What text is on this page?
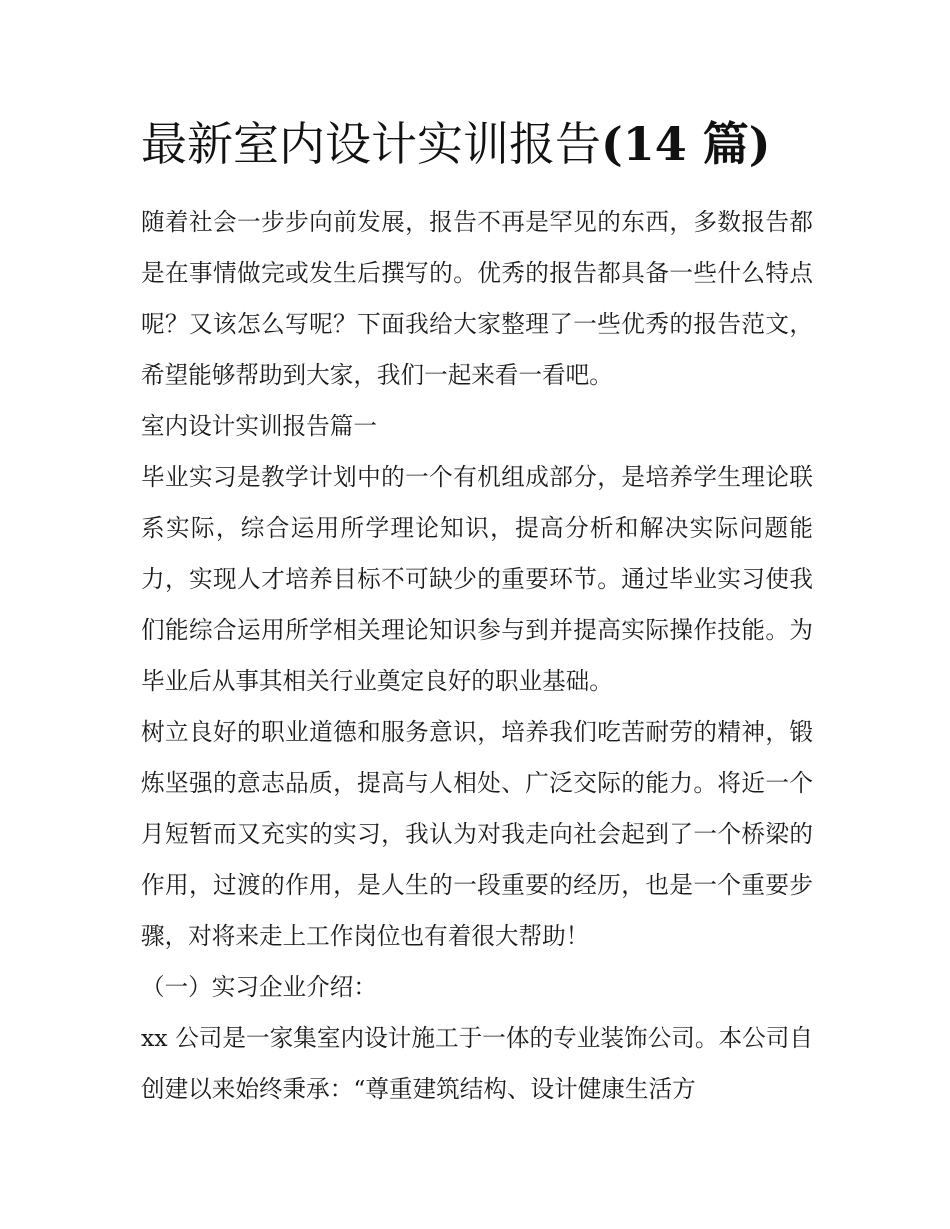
最新室内设计实训报告(14 篇)

随着社会一步步向前发展，报告不再是罕见的东西，多数报告都是在事情做完或发生后撰写的。优秀的报告都具备一些什么特点呢？又该怎么写呢？下面我给大家整理了一些优秀的报告范文，希望能够帮助到大家，我们一起来看一看吧。

室内设计实训报告篇一

毕业实习是教学计划中的一个有机组成部分，是培养学生理论联系实际，综合运用所学理论知识，提高分析和解决实际问题能力，实现人才培养目标不可缺少的重要环节。通过毕业实习使我们能综合运用所学相关理论知识参与到并提高实际操作技能。为毕业后从事其相关行业奠定良好的职业基础。

树立良好的职业道德和服务意识，培养我们吃苦耐劳的精神，锻炼坚强的意志品质，提高与人相处、广泛交际的能力。将近一个月短暂而又充实的实习，我认为对我走向社会起到了一个桥梁的作用，过渡的作用，是人生的一段重要的经历，也是一个重要步骤，对将来走上工作岗位也有着很大帮助！

（一）实习企业介绍：

xx 公司是一家集室内设计施工于一体的专业装饰公司。本公司自创建以来始终秉承：“尊重建筑结构、设计健康生活方
